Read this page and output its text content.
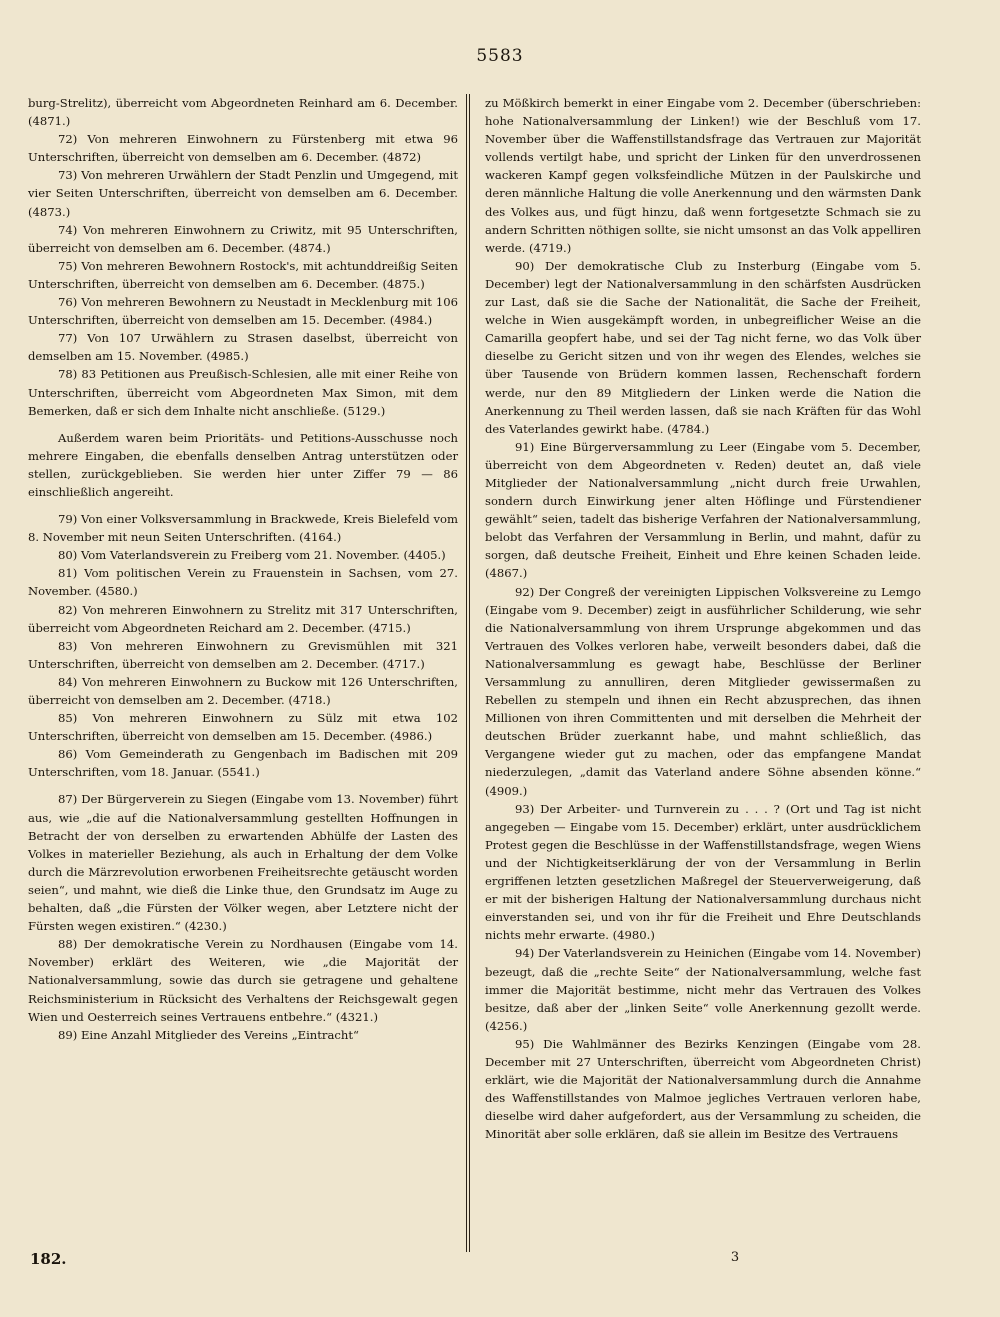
5583

burg-Strelitz), überreicht vom Abgeordneten Reinhard am 6. December. (4871.)

72) Von mehreren Einwohnern zu Fürstenberg mit etwa 96 Unterschriften, überreicht von demselben am 6. December. (4872)

73) Von mehreren Urwählern der Stadt Penzlin und Umgegend, mit vier Seiten Unterschriften, überreicht von demselben am 6. December. (4873.)

74) Von mehreren Einwohnern zu Criwitz, mit 95 Unterschriften, überreicht von demselben am 6. December. (4874.)

75) Von mehreren Bewohnern Rostock's, mit achtunddreißig Seiten Unterschriften, überreicht von demselben am 6. December. (4875.)

76) Von mehreren Bewohnern zu Neustadt in Mecklenburg mit 106 Unterschriften, überreicht von demselben am 15. December. (4984.)

77) Von 107 Urwählern zu Strasen daselbst, überreicht von demselben am 15. November. (4985.)

78) 83 Petitionen aus Preußisch-Schlesien, alle mit einer Reihe von Unterschriften, überreicht vom Abgeordneten Max Simon, mit dem Bemerken, daß er sich dem Inhalte nicht anschließe. (5129.)

Außerdem waren beim Prioritäts- und Petitions-Ausschusse noch mehrere Eingaben, die ebenfalls denselben Antrag unterstützen oder stellen, zurückgeblieben. Sie werden hier unter Ziffer 79 — 86 einschließlich angereiht.

79) Von einer Volksversammlung in Brackwede, Kreis Bielefeld vom 8. November mit neun Seiten Unterschriften. (4164.)

80) Vom Vaterlandsverein zu Freiberg vom 21. November. (4405.)

81) Vom politischen Verein zu Frauenstein in Sachsen, vom 27. November. (4580.)

82) Von mehreren Einwohnern zu Strelitz mit 317 Unterschriften, überreicht vom Abgeordneten Reichard am 2. December. (4715.)

83) Von mehreren Einwohnern zu Grevismühlen mit 321 Unterschriften, überreicht von demselben am 2. December. (4717.)

84) Von mehreren Einwohnern zu Buckow mit 126 Unterschriften, überreicht von demselben am 2. December. (4718.)

85) Von mehreren Einwohnern zu Sülz mit etwa 102 Unterschriften, überreicht von demselben am 15. December. (4986.)

86) Vom Gemeinderath zu Gengenbach im Badischen mit 209 Unterschriften, vom 18. Januar. (5541.)

87) Der Bürgerverein zu Siegen (Eingabe vom 13. November) führt aus, wie „die auf die Nationalversammlung gestellten Hoffnungen in Betracht der von derselben zu erwartenden Abhülfe der Lasten des Volkes in materieller Beziehung, als auch in Erhaltung der dem Volke durch die Märzrevolution erworbenen Freiheitsrechte getäuscht worden seien“, und mahnt, wie dieß die Linke thue, den Grundsatz im Auge zu behalten, daß „die Fürsten der Völker wegen, aber Letztere nicht der Fürsten wegen existiren.“ (4230.)

88) Der demokratische Verein zu Nordhausen (Eingabe vom 14. November) erklärt des Weiteren, wie „die Majorität der Nationalversammlung, sowie das durch sie getragene und gehaltene Reichsministerium in Rücksicht des Verhaltens der Reichsgewalt gegen Wien und Oesterreich seines Vertrauens entbehre.“ (4321.)

89) Eine Anzahl Mitglieder des Vereins „Eintracht“

zu Mößkirch bemerkt in einer Eingabe vom 2. December (überschrieben: hohe Nationalversammlung der Linken!) wie der Beschluß vom 17. November über die Waffenstillstandsfrage das Vertrauen zur Majorität vollends vertilgt habe, und spricht der Linken für den unverdrossenen wackeren Kampf gegen volksfeindliche Mützen in der Paulskirche und deren männliche Haltung die volle Anerkennung und den wärmsten Dank des Volkes aus, und fügt hinzu, daß wenn fortgesetzte Schmach sie zu andern Schritten nöthigen sollte, sie nicht umsonst an das Volk appelliren werde. (4719.)

90) Der demokratische Club zu Insterburg (Eingabe vom 5. December) legt der Nationalversammlung in den schärfsten Ausdrücken zur Last, daß sie die Sache der Nationalität, die Sache der Freiheit, welche in Wien ausgekämpft worden, in unbegreiflicher Weise an die Camarilla geopfert habe, und sei der Tag nicht ferne, wo das Volk über dieselbe zu Gericht sitzen und von ihr wegen des Elendes, welches sie über Tausende von Brüdern kommen lassen, Rechenschaft fordern werde, nur den 89 Mitgliedern der Linken werde die Nation die Anerkennung zu Theil werden lassen, daß sie nach Kräften für das Wohl des Vaterlandes gewirkt habe. (4784.)

91) Eine Bürgerversammlung zu Leer (Eingabe vom 5. December, überreicht von dem Abgeordneten v. Reden) deutet an, daß viele Mitglieder der Nationalversammlung „nicht durch freie Urwahlen, sondern durch Einwirkung jener alten Höflinge und Fürstendiener gewählt“ seien, tadelt das bisherige Verfahren der Nationalversammlung, belobt das Verfahren der Versammlung in Berlin, und mahnt, dafür zu sorgen, daß deutsche Freiheit, Einheit und Ehre keinen Schaden leide. (4867.)

92) Der Congreß der vereinigten Lippischen Volksvereine zu Lemgo (Eingabe vom 9. December) zeigt in ausführlicher Schilderung, wie sehr die Nationalversammlung von ihrem Ursprunge abgekommen und das Vertrauen des Volkes verloren habe, verweilt besonders dabei, daß die Nationalversammlung es gewagt habe, Beschlüsse der Berliner Versammlung zu annulliren, deren Mitglieder gewissermaßen zu Rebellen zu stempeln und ihnen ein Recht abzusprechen, das ihnen Millionen von ihren Committenten und mit derselben die Mehrheit der deutschen Brüder zuerkannt habe, und mahnt schließlich, das Vergangene wieder gut zu machen, oder das empfangene Mandat niederzulegen, „damit das Vaterland andere Söhne absenden könne.“ (4909.)

93) Der Arbeiter- und Turnverein zu . . . ? (Ort und Tag ist nicht angegeben — Eingabe vom 15. December) erklärt, unter ausdrücklichem Protest gegen die Beschlüsse in der Waffenstillstandsfrage, wegen Wiens und der Nichtigkeitserklärung der von der Versammlung in Berlin ergriffenen letzten gesetzlichen Maßregel der Steuerverweigerung, daß er mit der bisherigen Haltung der Nationalversammlung durchaus nicht einverstanden sei, und von ihr für die Freiheit und Ehre Deutschlands nichts mehr erwarte. (4980.)

94) Der Vaterlandsverein zu Heinichen (Eingabe vom 14. November) bezeugt, daß die „rechte Seite“ der Nationalversammlung, welche fast immer die Majorität bestimme, nicht mehr das Vertrauen des Volkes besitze, daß aber der „linken Seite“ volle Anerkennung gezollt werde. (4256.)

95) Die Wahlmänner des Bezirks Kenzingen (Eingabe vom 28. December mit 27 Unterschriften, überreicht vom Abgeordneten Christ) erklärt, wie die Majorität der Nationalversammlung durch die Annahme des Waffenstillstandes von Malmoe jegliches Vertrauen verloren habe, dieselbe wird daher aufgefordert, aus der Versammlung zu scheiden, die Minorität aber solle erklären, daß sie allein im Besitze des Vertrauens

182.	3
